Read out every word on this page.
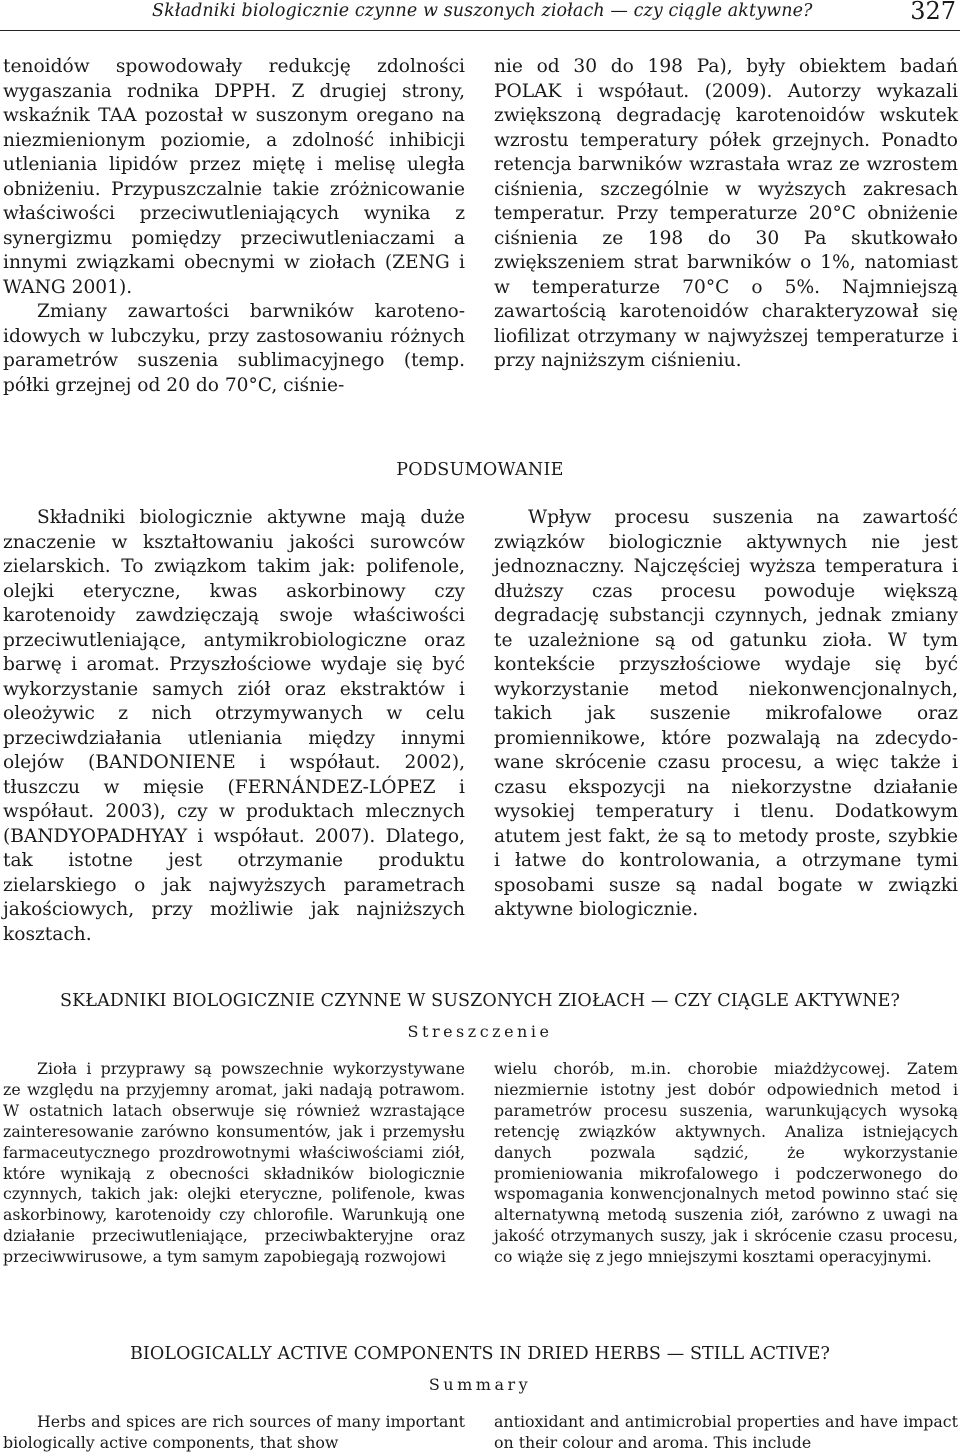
Składniki biologicznie czynne w suszonych ziołach — czy ciągle aktywne?	327

tenoidów spowodowały redukcję zdolności wygaszania rodnika DPPH. Z drugiej strony, wskaźnik TAA pozostał w suszonym oregano na niezmienionym poziomie, a zdolność inhibicji utleniania lipidów przez miętę i melisę uległa obniżeniu. Przypuszczalnie takie zróżnicowanie właściwości przeciwutleniających wynika z synergizmu pomiędzy przeciwutleniaczami a innymi związkami obecnymi w ziołach (ZENG i WANG 2001).

Zmiany zawartości barwników karotenoidowych w lubczyku, przy zastosowaniu różnych parametrów suszenia sublimacyjnego (temp. półki grzejnej od 20 do 70°C, ciśnie-

nie od 30 do 198 Pa), były obiektem badań POLAK i współaut. (2009). Autorzy wykazali zwiększoną degradację karotenoidów wskutek wzrostu temperatury półek grzejnych. Ponadto retencja barwników wzrastała wraz ze wzrostem ciśnienia, szczególnie w wyższych zakresach temperatur. Przy temperaturze 20°C obniżenie ciśnienia ze 198 do 30 Pa skutkowało zwiększeniem strat barwników o 1%, natomiast w temperaturze 70°C o 5%. Najmniejszą zawartością karotenoidów charakteryzował się liofilizat otrzymany w najwyższej temperaturze i przy najniższym ciśnieniu.

PODSUMOWANIE

Składniki biologicznie aktywne mają duże znaczenie w kształtowaniu jakości surowców zielarskich. To związkom takim jak: polifenole, olejki eteryczne, kwas askorbinowy czy karotenoidy zawdzięczają swoje właściwości przeciwutleniające, antymikrobiologiczne oraz barwę i aromat. Przyszłościowe wydaje się być wykorzystanie samych ziół oraz ekstraktów i oleożywic z nich otrzymywanych w celu przeciwdziałania utleniania między innymi olejów (BANDONIENE i współaut. 2002), tłuszczu w mięsie (FERNÁNDEZ-LÓPEZ i współaut. 2003), czy w produktach mlecznych (BANDYOPADHYAY i współaut. 2007). Dlatego, tak istotne jest otrzymanie produktu zielarskiego o jak najwyższych parametrach jakościowych, przy możliwie jak najniższych kosztach.

Wpływ procesu suszenia na zawartość związków biologicznie aktywnych nie jest jednoznaczny. Najczęściej wyższa temperatura i dłuższy czas procesu powoduje większą degradację substancji czynnych, jednak zmiany te uzależnione są od gatunku zioła. W tym kontekście przyszłościowe wydaje się być wykorzystanie metod niekonwencjonalnych, takich jak suszenie mikrofalowe oraz promiennikowe, które pozwalają na zdecydowane skrócenie czasu procesu, a więc także i czasu ekspozycji na niekorzystne działanie wysokiej temperatury i tlenu. Dodatkowym atutem jest fakt, że są to metody proste, szybkie i łatwe do kontrolowania, a otrzymane tymi sposobami susze są nadal bogate w związki aktywne biologicznie.

SKŁADNIKI BIOLOGICZNIE CZYNNE W SUSZONYCH ZIOŁACH — CZY CIĄGLE AKTYWNE?
Streszczenie

Zioła i przyprawy są powszechnie wykorzystywane ze względu na przyjemny aromat, jaki nadają potrawom. W ostatnich latach obserwuje się również wzrastające zainteresowanie zarówno konsumentów, jak i przemysłu farmaceutycznego prozdrowotnymi właściwościami ziół, które wynikają z obecności składników biologicznie czynnych, takich jak: olejki eteryczne, polifenole, kwas askorbinowy, karotenoidy czy chlorofile. Warunkują one działanie przeciwutleniające, przeciwbakteryjne oraz przeciwwirusowe, a tym samym zapobiegają rozwojowi

wielu chorób, m.in. chorobie miażdżycowej. Zatem niezmiernie istotny jest dobór odpowiednich metod i parametrów procesu suszenia, warunkujących wysoką retencję związków aktywnych. Analiza istniejących danych pozwala sądzić, że wykorzystanie promieniowania mikrofalowego i podczerwonego do wspomagania konwencjonalnych metod powinno stać się alternatywną metodą suszenia ziół, zarówno z uwagi na jakość otrzymanych suszy, jak i skrócenie czasu procesu, co wiąże się z jego mniejszymi kosztami operacyjnymi.

BIOLOGICALLY ACTIVE COMPONENTS IN DRIED HERBS — STILL ACTIVE?
Summary

Herbs and spices are rich sources of many important biologically active components, that show

antioxidant and antimicrobial properties and have impact on their colour and aroma. This include
